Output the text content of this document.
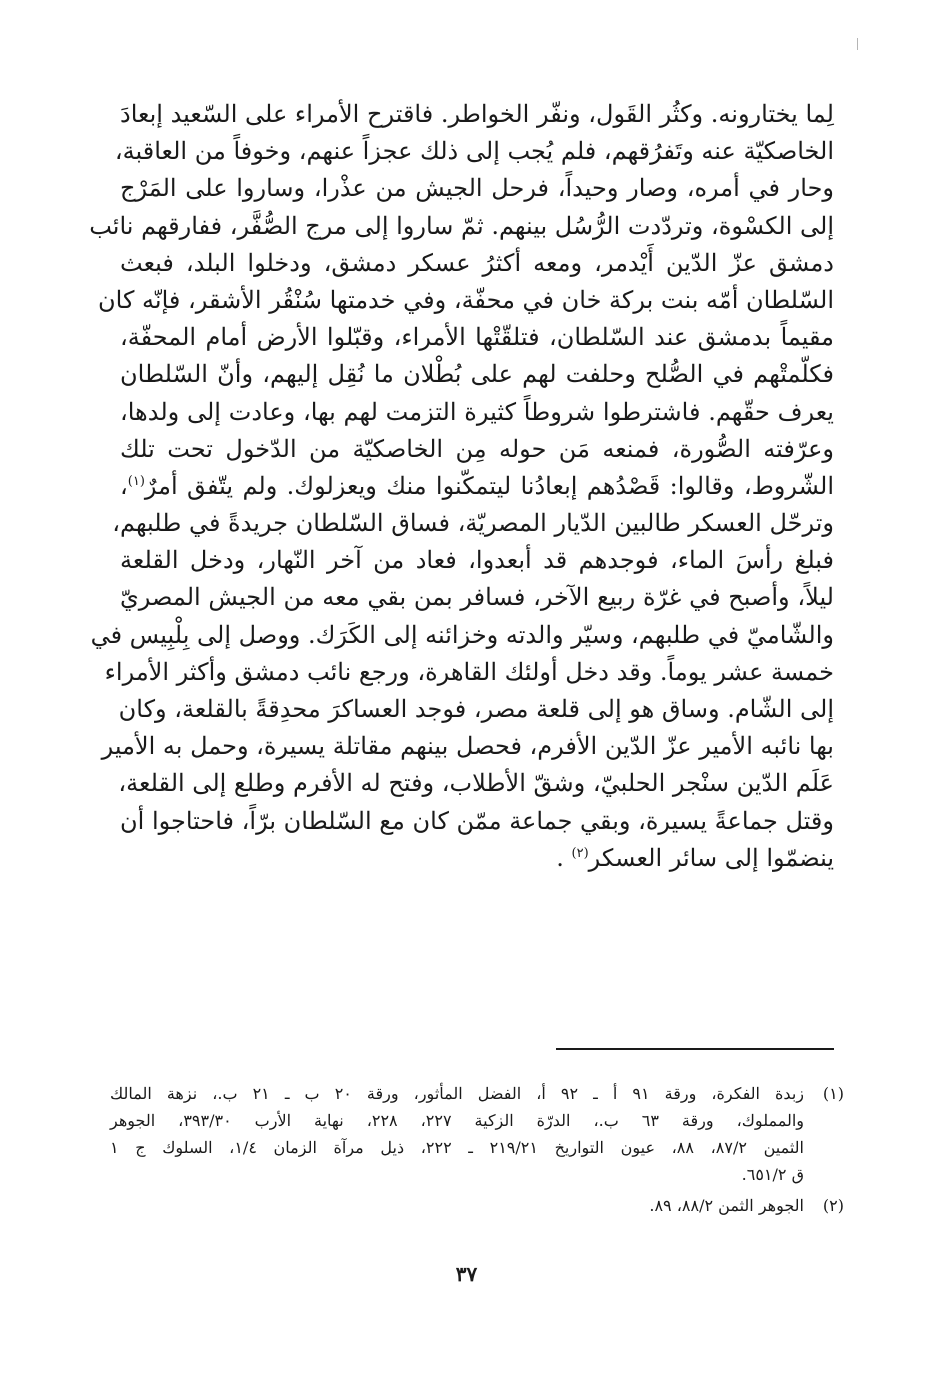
لِما يختارونه. وكثُر القَول، ونفّر الخواطر. فاقترح الأمراء على السّعيد إبعادَ
الخاصكيّة عنه وتَفرُقهم، فلم يُجب إلى ذلك عجزاً عنهم، وخوفاً من العاقبة،
وحار في أمره، وصار وحيداً، فرحل الجيش من عذْرا، وساروا على المَرْج
إلى الكسْوة، وتردّدت الرُّسُل بينهم. ثمّ ساروا إلى مرج الصُّفَّر، ففارقهم نائب
دمشق عزّ الدّين أَيْدمر، ومعه أكثرُ عسكر دمشق، ودخلوا البلد، فبعث
السّلطان أمّه بنت بركة خان في محفّة، وفي خدمتها سُنْقُر الأشقر، فإنّه كان
مقيماً بدمشق عند السّلطان، فتلقّتْها الأمراء، وقبّلوا الأرض أمام المحفّة،
فكلّمتْهم في الصُّلح وحلفت لهم على بُطْلان ما نُقِل إليهم، وأنّ السّلطان
يعرف حقّهم. فاشترطوا شروطاً كثيرة التزمت لهم بها، وعادت إلى ولدها،
وعرّفته الصُّورة، فمنعه مَن حوله مِن الخاصكيّة من الدّخول تحت تلك
الشّروط، وقالوا: قَصْدُهم إبعادُنا ليتمكّنوا منك ويعزلوك. ولم يتّفق أمرٌ$^{(١)}$،
وترحّل العسكر طالبين الدّيار المصريّة، فساق السّلطان جريدةً في طلبهم،
فبلغ رأسَ الماء، فوجدهم قد أبعدوا، فعاد من آخر النّهار، ودخل القلعة
ليلاً، وأصبح في غرّة ربيع الآخر، فسافر بمن بقي معه من الجيش المصريّ
والشّاميّ في طلبهم، وسيّر والدته وخزائنه إلى الكَرَك. ووصل إلى بِلْبِيس في
خمسة عشر يوماً. وقد دخل أولئك القاهرة، ورجع نائب دمشق وأكثر الأمراء
إلى الشّام. وساق هو إلى قلعة مصر، فوجد العساكرَ محدِقةً بالقلعة، وكان
بها نائبه الأمير عزّ الدّين الأفرم، فحصل بينهم مقاتلة يسيرة، وحمل به الأمير
عَلَم الدّين سنْجر الحلبيّ، وشقّ الأطلاب، وفتح له الأفرم وطلع إلى القلعة،
وقتل جماعةً يسيرة، وبقي جماعة ممّن كان مع السّلطان برّاً، فاحتاجوا أن
ينضمّوا إلى سائر العسكر$^{(٢)}$ .
(١)
زبدة الفكرة، ورقة ٩١ أ ـ ٩٢ أ، الفضل المأثور، ورقة ٢٠ ب ـ ٢١ ب.، نزهة المالك
والمملوك، ورقة ٦٣ ب.، الدرّة الزكية ٢٢٧، ٢٢٨، نهاية الأرب ٣٩٣/٣٠، الجوهر
الثمين ٨٧/٢، ٨٨، عيون التواريخ ٢١٩/٢١ ـ ٢٢٢، ذيل مرآة الزمان ١/٤، السلوك ج ١
ق ٦٥١/٢.
(٢)
الجوهر الثمن ٨٨/٢، ٨٩.
٣٧
